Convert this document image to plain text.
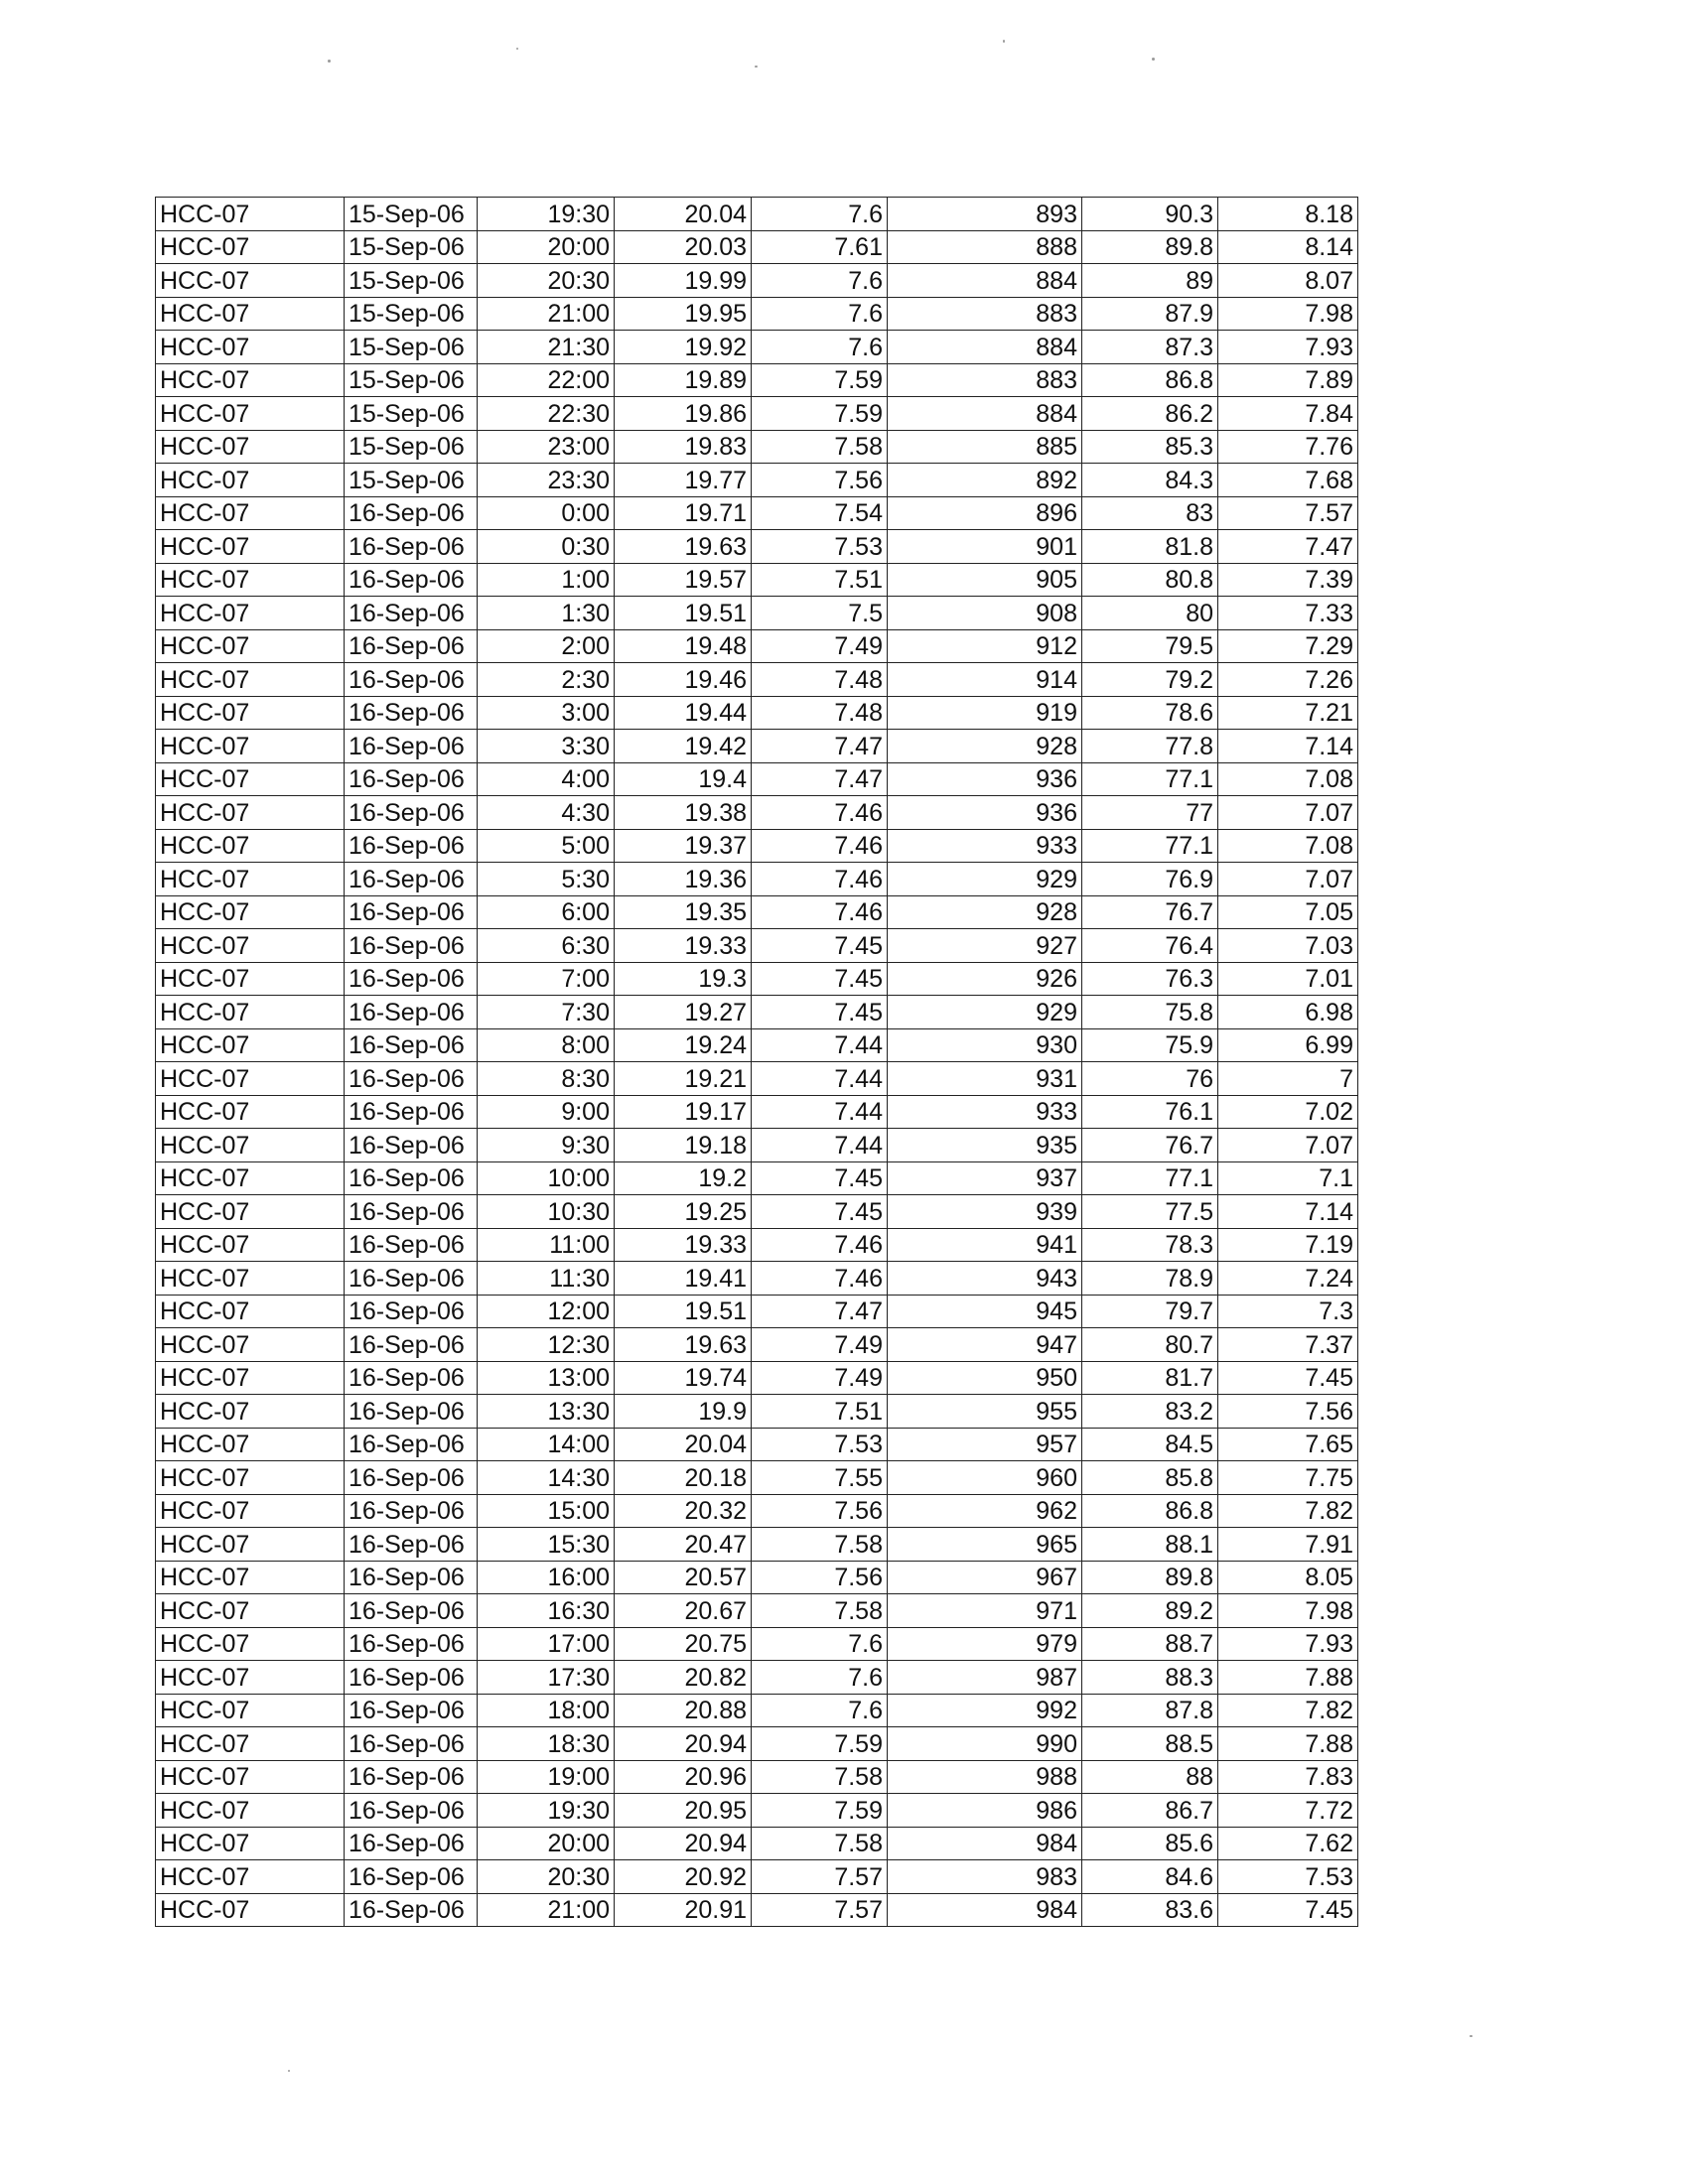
HCC-07	15-Sep-06	19:30	20.04	7.6	893	90.3	8.18
HCC-07	15-Sep-06	20:00	20.03	7.61	888	89.8	8.14
HCC-07	15-Sep-06	20:30	19.99	7.6	884	89	8.07
HCC-07	15-Sep-06	21:00	19.95	7.6	883	87.9	7.98
HCC-07	15-Sep-06	21:30	19.92	7.6	884	87.3	7.93
HCC-07	15-Sep-06	22:00	19.89	7.59	883	86.8	7.89
HCC-07	15-Sep-06	22:30	19.86	7.59	884	86.2	7.84
HCC-07	15-Sep-06	23:00	19.83	7.58	885	85.3	7.76
HCC-07	15-Sep-06	23:30	19.77	7.56	892	84.3	7.68
HCC-07	16-Sep-06	0:00	19.71	7.54	896	83	7.57
HCC-07	16-Sep-06	0:30	19.63	7.53	901	81.8	7.47
HCC-07	16-Sep-06	1:00	19.57	7.51	905	80.8	7.39
HCC-07	16-Sep-06	1:30	19.51	7.5	908	80	7.33
HCC-07	16-Sep-06	2:00	19.48	7.49	912	79.5	7.29
HCC-07	16-Sep-06	2:30	19.46	7.48	914	79.2	7.26
HCC-07	16-Sep-06	3:00	19.44	7.48	919	78.6	7.21
HCC-07	16-Sep-06	3:30	19.42	7.47	928	77.8	7.14
HCC-07	16-Sep-06	4:00	19.4	7.47	936	77.1	7.08
HCC-07	16-Sep-06	4:30	19.38	7.46	936	77	7.07
HCC-07	16-Sep-06	5:00	19.37	7.46	933	77.1	7.08
HCC-07	16-Sep-06	5:30	19.36	7.46	929	76.9	7.07
HCC-07	16-Sep-06	6:00	19.35	7.46	928	76.7	7.05
HCC-07	16-Sep-06	6:30	19.33	7.45	927	76.4	7.03
HCC-07	16-Sep-06	7:00	19.3	7.45	926	76.3	7.01
HCC-07	16-Sep-06	7:30	19.27	7.45	929	75.8	6.98
HCC-07	16-Sep-06	8:00	19.24	7.44	930	75.9	6.99
HCC-07	16-Sep-06	8:30	19.21	7.44	931	76	7
HCC-07	16-Sep-06	9:00	19.17	7.44	933	76.1	7.02
HCC-07	16-Sep-06	9:30	19.18	7.44	935	76.7	7.07
HCC-07	16-Sep-06	10:00	19.2	7.45	937	77.1	7.1
HCC-07	16-Sep-06	10:30	19.25	7.45	939	77.5	7.14
HCC-07	16-Sep-06	11:00	19.33	7.46	941	78.3	7.19
HCC-07	16-Sep-06	11:30	19.41	7.46	943	78.9	7.24
HCC-07	16-Sep-06	12:00	19.51	7.47	945	79.7	7.3
HCC-07	16-Sep-06	12:30	19.63	7.49	947	80.7	7.37
HCC-07	16-Sep-06	13:00	19.74	7.49	950	81.7	7.45
HCC-07	16-Sep-06	13:30	19.9	7.51	955	83.2	7.56
HCC-07	16-Sep-06	14:00	20.04	7.53	957	84.5	7.65
HCC-07	16-Sep-06	14:30	20.18	7.55	960	85.8	7.75
HCC-07	16-Sep-06	15:00	20.32	7.56	962	86.8	7.82
HCC-07	16-Sep-06	15:30	20.47	7.58	965	88.1	7.91
HCC-07	16-Sep-06	16:00	20.57	7.56	967	89.8	8.05
HCC-07	16-Sep-06	16:30	20.67	7.58	971	89.2	7.98
HCC-07	16-Sep-06	17:00	20.75	7.6	979	88.7	7.93
HCC-07	16-Sep-06	17:30	20.82	7.6	987	88.3	7.88
HCC-07	16-Sep-06	18:00	20.88	7.6	992	87.8	7.82
HCC-07	16-Sep-06	18:30	20.94	7.59	990	88.5	7.88
HCC-07	16-Sep-06	19:00	20.96	7.58	988	88	7.83
HCC-07	16-Sep-06	19:30	20.95	7.59	986	86.7	7.72
HCC-07	16-Sep-06	20:00	20.94	7.58	984	85.6	7.62
HCC-07	16-Sep-06	20:30	20.92	7.57	983	84.6	7.53
HCC-07	16-Sep-06	21:00	20.91	7.57	984	83.6	7.45
